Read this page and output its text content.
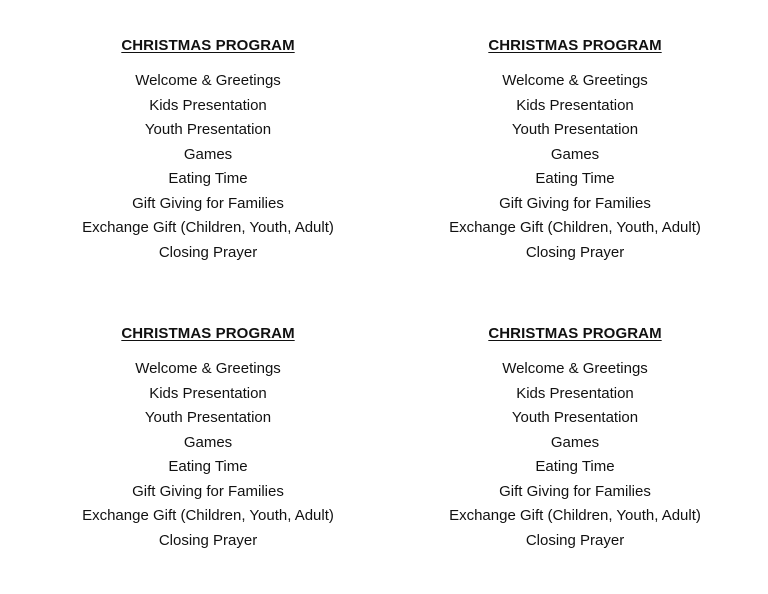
CHRISTMAS PROGRAM
Welcome & Greetings
Kids Presentation
Youth Presentation
Games
Eating Time
Gift Giving for Families
Exchange Gift (Children, Youth, Adult)
Closing Prayer
CHRISTMAS PROGRAM
Welcome & Greetings
Kids Presentation
Youth Presentation
Games
Eating Time
Gift Giving for Families
Exchange Gift (Children, Youth, Adult)
Closing Prayer
CHRISTMAS PROGRAM
Welcome & Greetings
Kids Presentation
Youth Presentation
Games
Eating Time
Gift Giving for Families
Exchange Gift (Children, Youth, Adult)
Closing Prayer
CHRISTMAS PROGRAM
Welcome & Greetings
Kids Presentation
Youth Presentation
Games
Eating Time
Gift Giving for Families
Exchange Gift (Children, Youth, Adult)
Closing Prayer
